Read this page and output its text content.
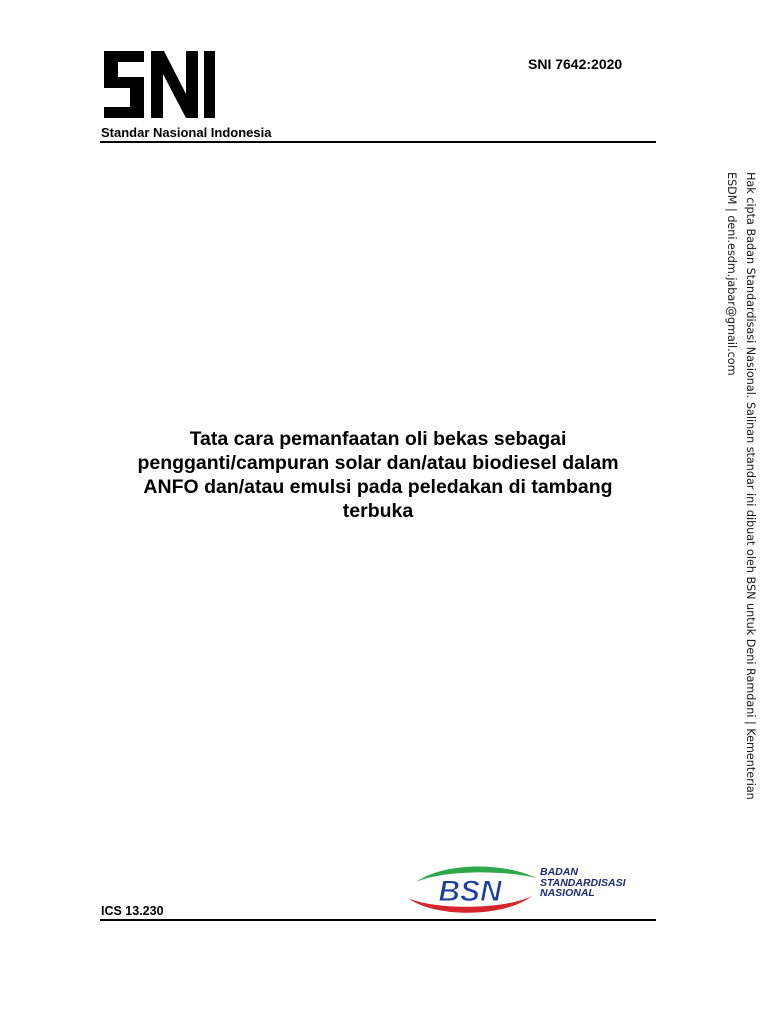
Standar Nasional Indonesia
SNI 7642:2020
Tata cara pemanfaatan oli bekas sebagai
pengganti/campuran solar dan/atau biodiesel dalam
ANFO dan/atau emulsi pada peledakan di tambang
terbuka	Hak cipta Badan Standardisasi Nasional. Salinan standar ini dibuat oleh BSN untuk Deni Ramdani | Kementerian
ESDM | deni.esdm.jabar@gmail.com
BSN
BADAN
STANDARDISASI
NASIONAL
ICS 13.230
